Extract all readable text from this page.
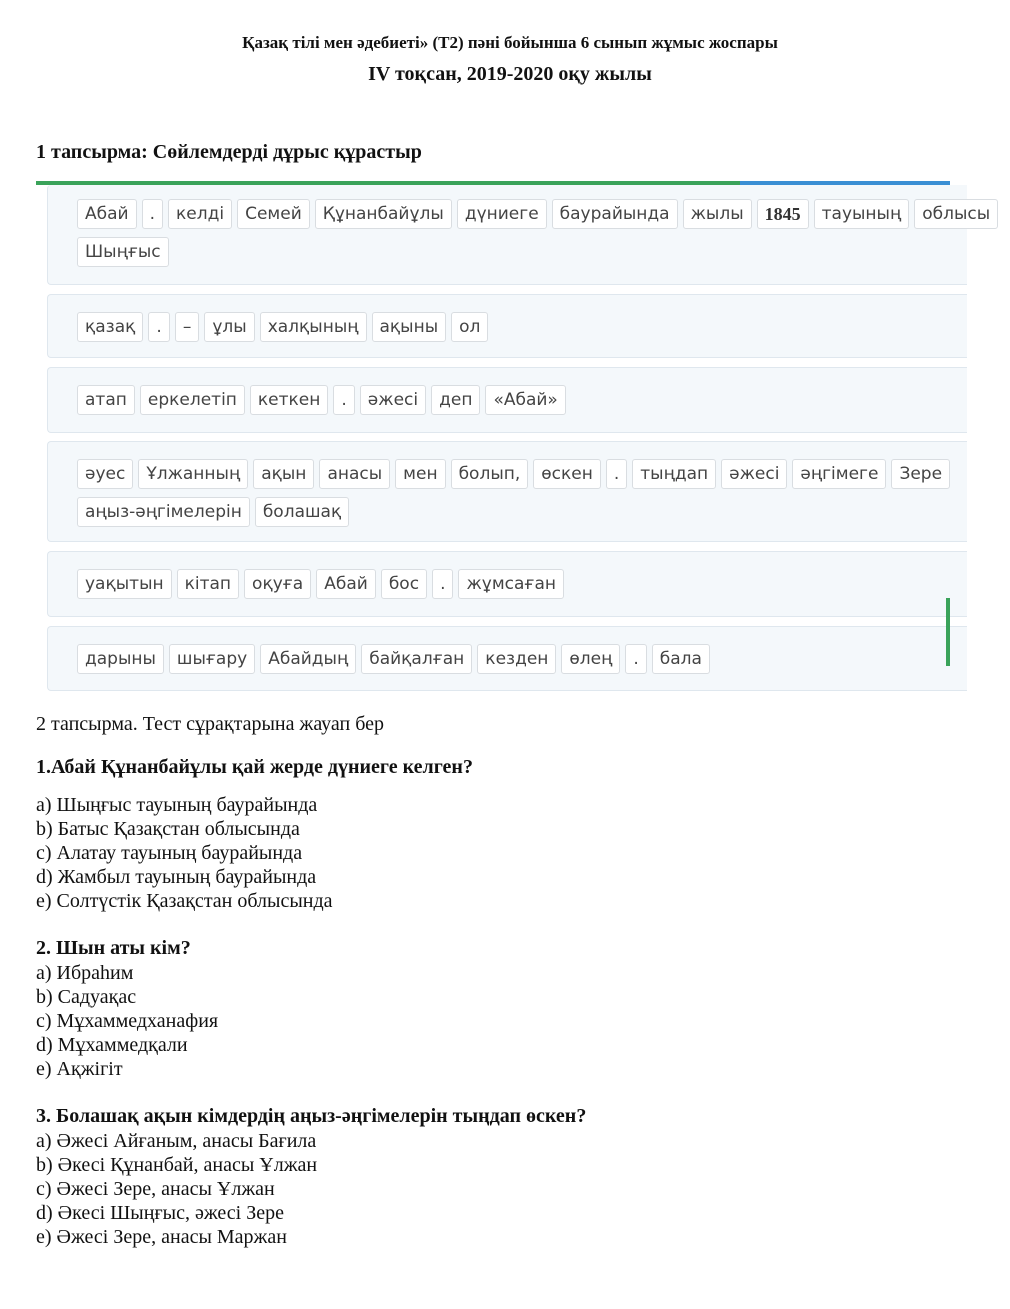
Қазақ тілі мен әдебиеті» (Т2) пәні бойынша 6 сынып жұмыс жоспары
IV тоқсан, 2019-2020 оқу жылы
1 тапсырма: Сөйлемдерді дұрыс құрастыр
Абай	.	келді	Семей	Құнанбайұлы	дүниеге	баурайында	жылы	1845	тауының	облысы
Шыңғыс
қазақ	.	–	ұлы	халқының	ақыны	ол
атап	еркелетіп	кеткен	.	әжесі	деп	«Абай»
әуес	Ұлжанның	ақын	анасы	мен	болып,	өскен	.	тыңдап	әжесі	әңгімеге	Зере
аңыз-әңгімелерін	болашақ
уақытын	кітап	оқуға	Абай	бос	.	жұмсаған
дарыны	шығару	Абайдың	байқалған	кезден	өлең	.	бала
2 тапсырма. Тест сұрақтарына жауап бер
1.Абай Құнанбайұлы қай жерде дүниеге келген?
a) Шыңғыс тауының баурайында
b) Батыс Қазақстан облысында
c) Алатау тауының баурайында
d) Жамбыл тауының баурайында
e) Солтүстік Қазақстан облысында
2. Шын аты кім?
a) Ибраһим
b) Садуақас
c) Мұхаммедханафия
d) Мұхаммедқали
e) Ақжігіт
3. Болашақ ақын кімдердің аңыз-әңгімелерін тыңдап өскен?
a) Әжесі Айғаным, анасы Бағила
b) Әкесі Құнанбай, анасы Ұлжан
c) Әжесі Зере, анасы Ұлжан
d) Әкесі Шыңғыс, әжесі Зере
e) Әжесі Зере, анасы Маржан
